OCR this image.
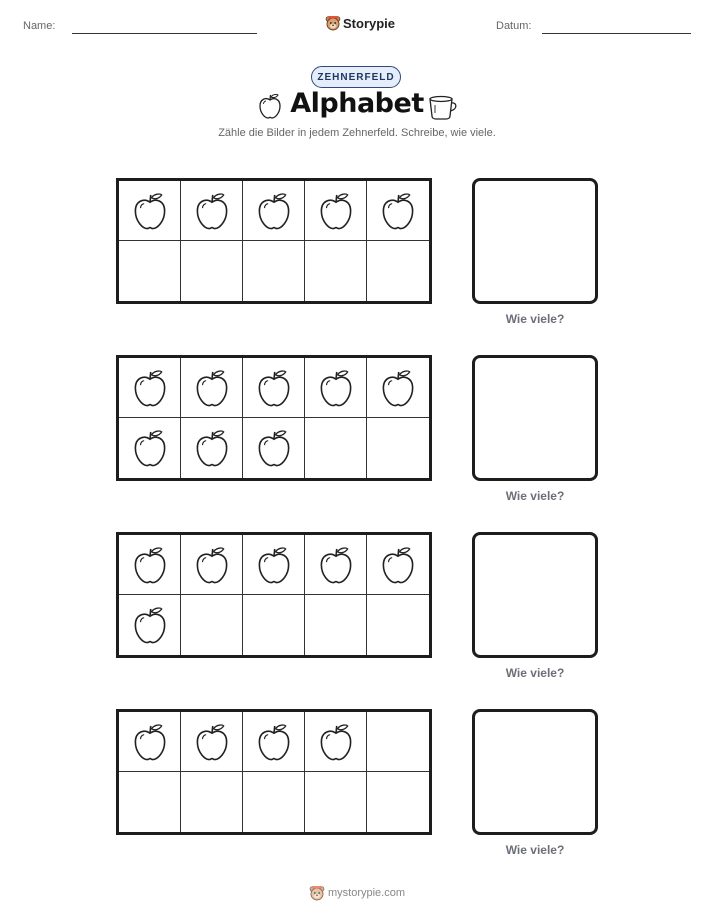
Name:	Storypie	Datum:
ZEHNERFELD
Alphabet
Zähle die Bilder in jedem Zehnerfeld. Schreibe, wie viele.
Wie viele?
Wie viele?
Wie viele?
Wie viele?
mystorypie.com
